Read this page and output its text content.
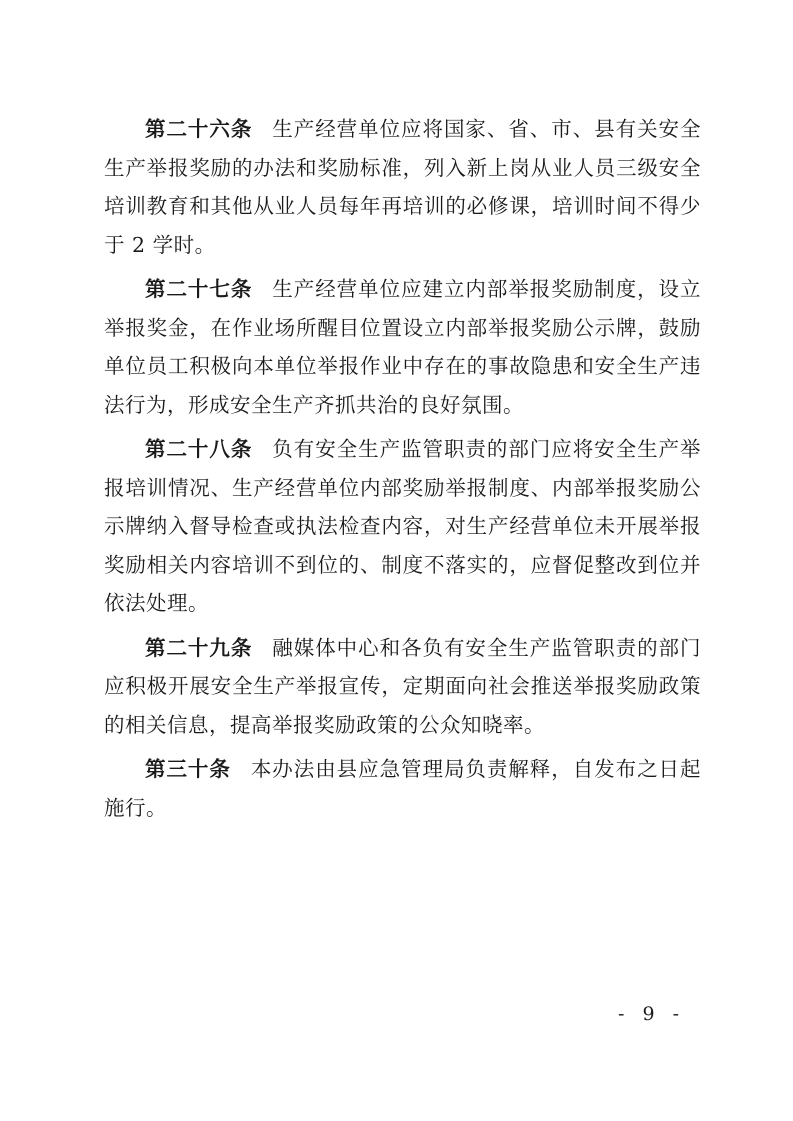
第二十六条 生产经营单位应将国家、省、市、县有关安全生产举报奖励的办法和奖励标准，列入新上岗从业人员三级安全培训教育和其他从业人员每年再培训的必修课，培训时间不得少于 2 学时。

第二十七条 生产经营单位应建立内部举报奖励制度，设立举报奖金，在作业场所醒目位置设立内部举报奖励公示牌，鼓励单位员工积极向本单位举报作业中存在的事故隐患和安全生产违法行为，形成安全生产齐抓共治的良好氛围。

第二十八条 负有安全生产监管职责的部门应将安全生产举报培训情况、生产经营单位内部奖励举报制度、内部举报奖励公示牌纳入督导检查或执法检查内容，对生产经营单位未开展举报奖励相关内容培训不到位的、制度不落实的，应督促整改到位并依法处理。

第二十九条 融媒体中心和各负有安全生产监管职责的部门应积极开展安全生产举报宣传，定期面向社会推送举报奖励政策的相关信息，提高举报奖励政策的公众知晓率。

第三十条 本办法由县应急管理局负责解释，自发布之日起施行。

- 9 -
